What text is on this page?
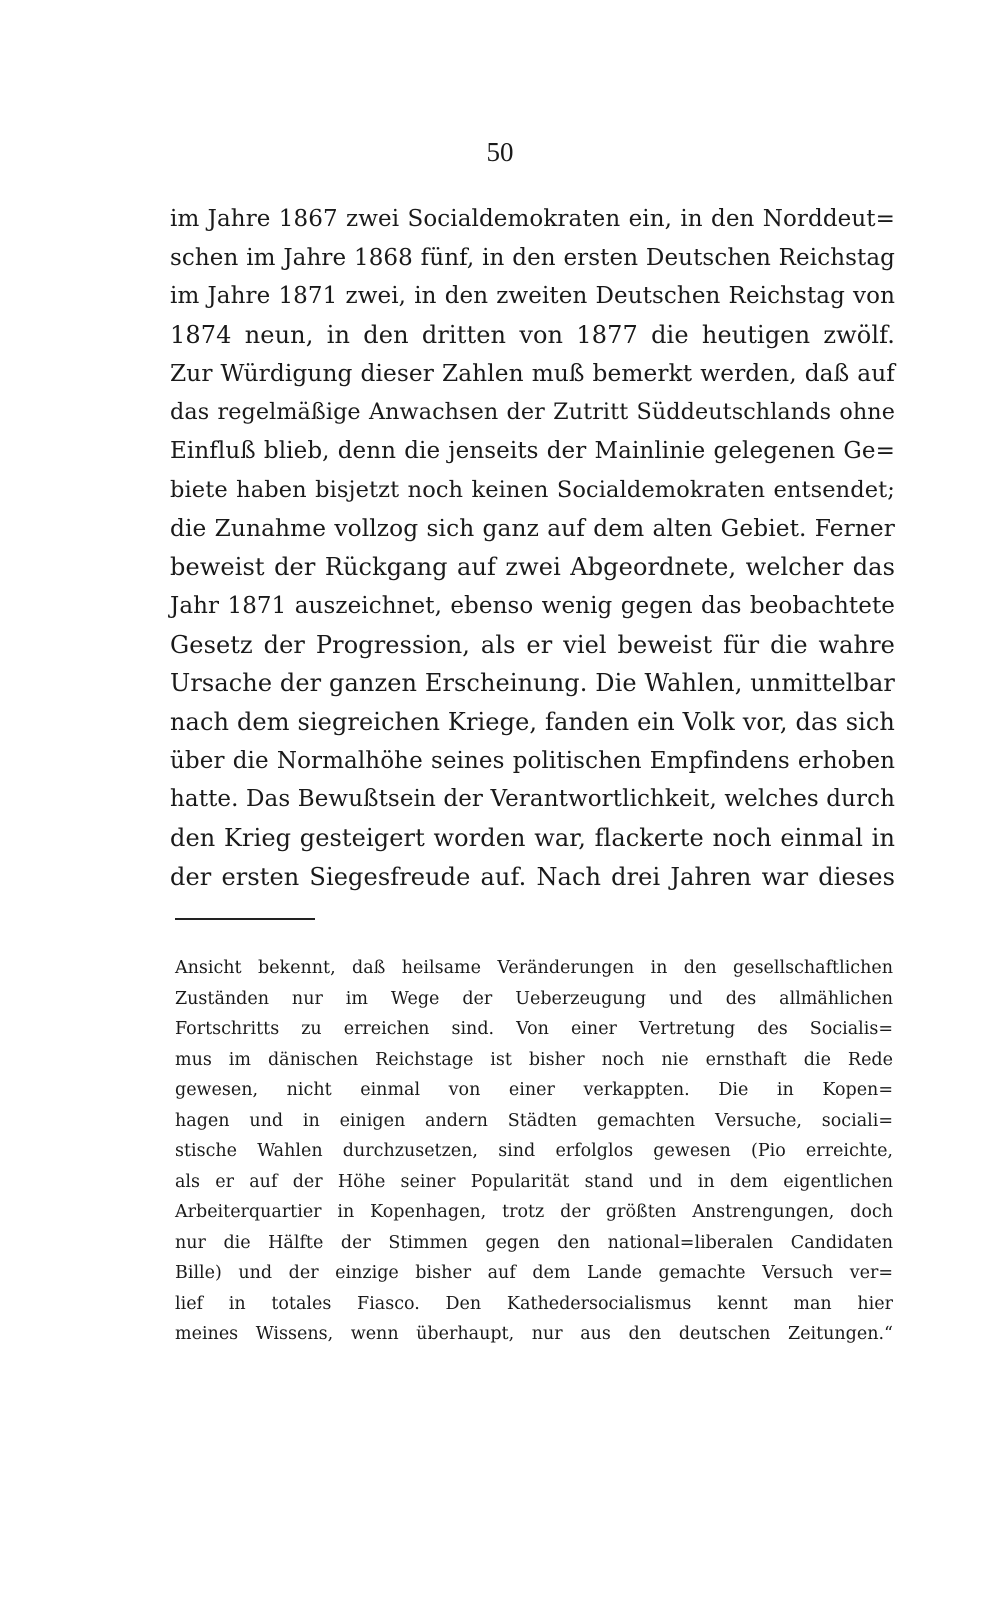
50
im Jahre 1867 zwei Socialdemokraten ein, in den Norddeut=
schen im Jahre 1868 fünf, in den ersten Deutschen Reichstag
im Jahre 1871 zwei, in den zweiten Deutschen Reichstag von
1874 neun, in den dritten von 1877 die heutigen zwölf.
Zur Würdigung dieser Zahlen muß bemerkt werden, daß auf
das regelmäßige Anwachsen der Zutritt Süddeutschlands ohne
Einfluß blieb, denn die jenseits der Mainlinie gelegenen Ge=
biete haben bisjetzt noch keinen Socialdemokraten entsendet;
die Zunahme vollzog sich ganz auf dem alten Gebiet. Ferner
beweist der Rückgang auf zwei Abgeordnete, welcher das
Jahr 1871 auszeichnet, ebenso wenig gegen das beobachtete
Gesetz der Progression, als er viel beweist für die wahre
Ursache der ganzen Erscheinung. Die Wahlen, unmittelbar
nach dem siegreichen Kriege, fanden ein Volk vor, das sich
über die Normalhöhe seines politischen Empfindens erhoben
hatte. Das Bewußtsein der Verantwortlichkeit, welches durch
den Krieg gesteigert worden war, flackerte noch einmal in
der ersten Siegesfreude auf. Nach drei Jahren war dieses
Ansicht bekennt, daß heilsame Veränderungen in den gesellschaftlichen
Zuständen nur im Wege der Ueberzeugung und des allmählichen
Fortschritts zu erreichen sind. Von einer Vertretung des Socialis=
mus im dänischen Reichstage ist bisher noch nie ernsthaft die Rede
gewesen, nicht einmal von einer verkappten. Die in Kopen=
hagen und in einigen andern Städten gemachten Versuche, sociali=
stische Wahlen durchzusetzen, sind erfolglos gewesen (Pio erreichte,
als er auf der Höhe seiner Popularität stand und in dem eigentlichen
Arbeiterquartier in Kopenhagen, trotz der größten Anstrengungen, doch
nur die Hälfte der Stimmen gegen den national=liberalen Candidaten
Bille) und der einzige bisher auf dem Lande gemachte Versuch ver=
lief in totales Fiasco. Den Kathedersocialismus kennt man hier
meines Wissens, wenn überhaupt, nur aus den deutschen Zeitungen.“
